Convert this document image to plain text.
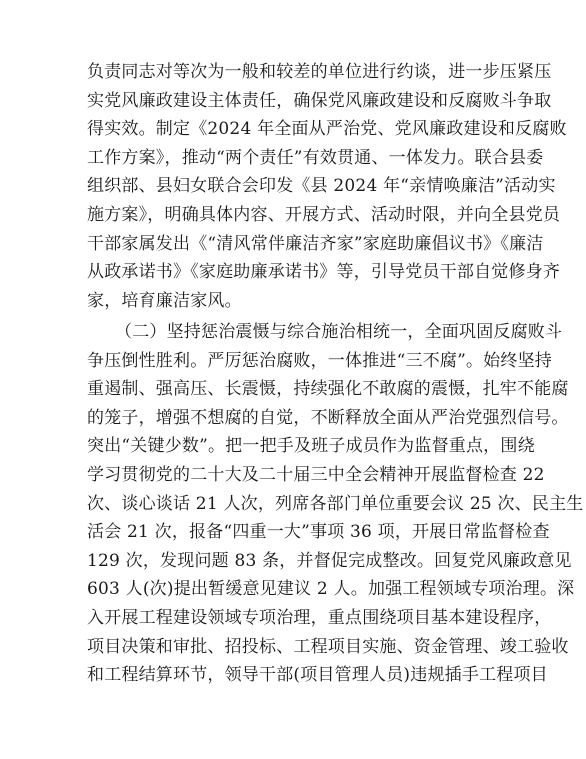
负责同志对等次为一般和较差的单位进行约谈，进一步压紧压
实党风廉政建设主体责任，确保党风廉政建设和反腐败斗争取
得实效。制定《2024 年全面从严治党、党风廉政建设和反腐败
工作方案》，推动“两个责任”有效贯通、一体发力。联合县委
组织部、县妇女联合会印发《县 2024 年“亲情唤廉洁”活动实
施方案》，明确具体内容、开展方式、活动时限，并向全县党员
干部家属发出《“清风常伴廉洁齐家”家庭助廉倡议书》《廉洁
从政承诺书》《家庭助廉承诺书》等，引导党员干部自觉修身齐
家，培育廉洁家风。
（二）坚持惩治震慑与综合施治相统一，全面巩固反腐败斗
争压倒性胜利。严厉惩治腐败，一体推进“三不腐”。始终坚持
重遏制、强高压、长震慑，持续强化不敢腐的震慑，扎牢不能腐
的笼子，增强不想腐的自觉，不断释放全面从严治党强烈信号。
突出“关键少数”。把一把手及班子成员作为监督重点，围绕
学习贯彻党的二十大及二十届三中全会精神开展监督检查 22
次、谈心谈话 21 人次，列席各部门单位重要会议 25 次、民主生
活会 21 次，报备“四重一大”事项 36 项，开展日常监督检查
129 次，发现问题 83 条，并督促完成整改。回复党风廉政意见
603 人(次)提出暂缓意见建议 2 人。加强工程领域专项治理。深
入开展工程建设领域专项治理，重点围绕项目基本建设程序，
项目决策和审批、招投标、工程项目实施、资金管理、竣工验收
和工程结算环节，领导干部(项目管理人员)违规插手工程项目
